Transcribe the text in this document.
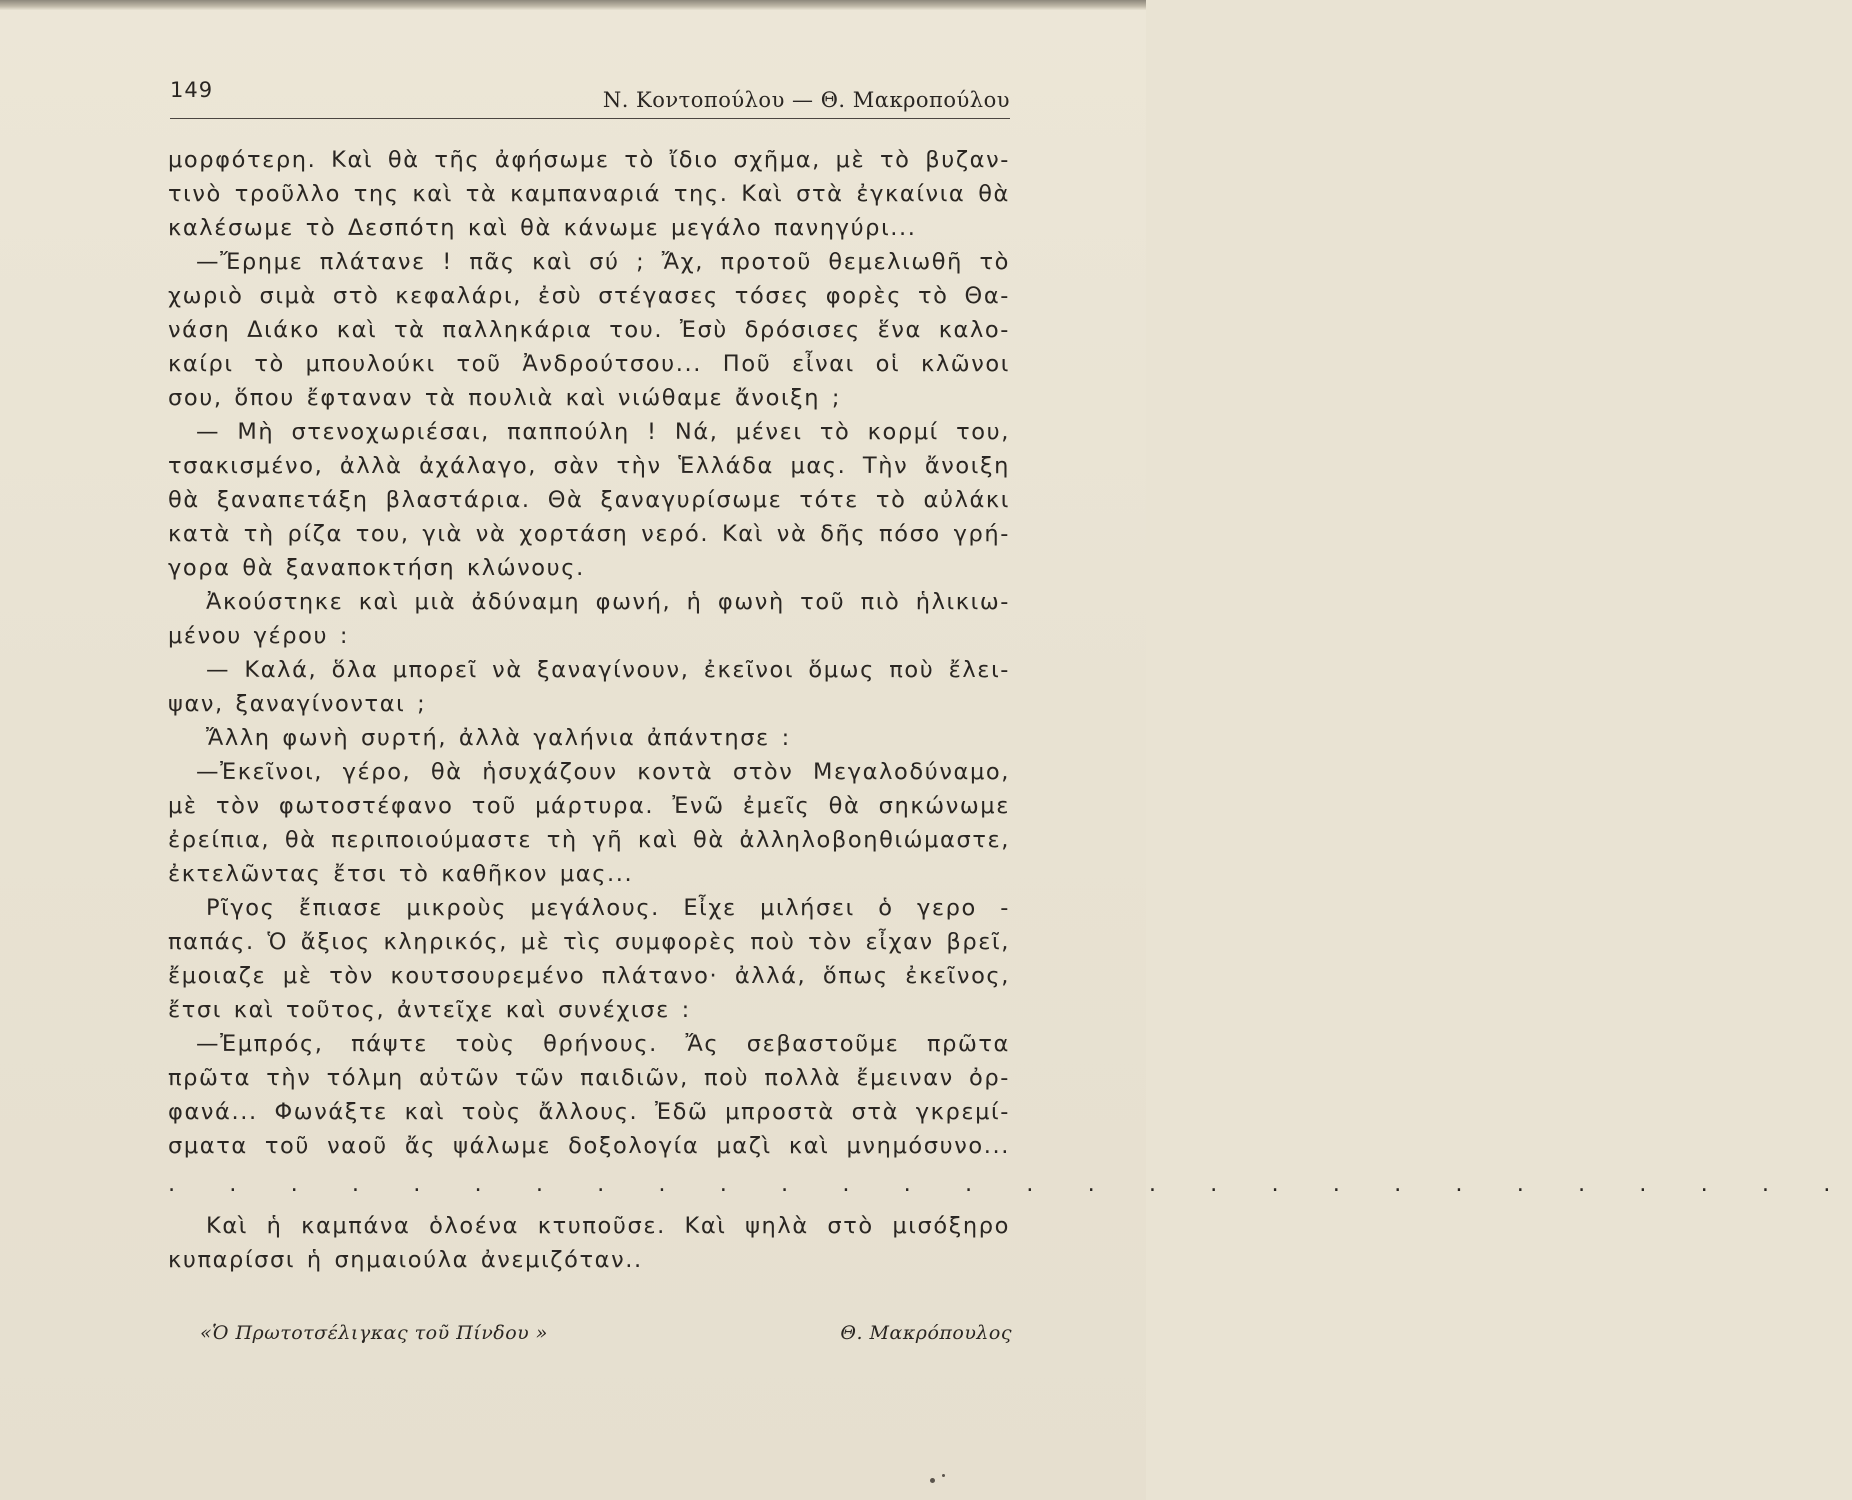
149	Ν. Κοντοπούλου — Θ. Μακροπούλου
μορφότερη. Καὶ θὰ τῆς ἀφήσωμε τὸ ἴδιο σχῆμα, μὲ τὸ βυζαν-
τινὸ τροῦλλο της καὶ τὰ καμπαναριά της. Καὶ στὰ ἐγκαίνια θὰ
καλέσωμε τὸ Δεσπότη καὶ θὰ κάνωμε μεγάλο πανηγύρι...
—Ἔρημε πλάτανε ! πᾶς καὶ σύ ; Ἄχ, προτοῦ θεμελιωθῆ τὸ
χωριὸ σιμὰ στὸ κεφαλάρι, ἐσὺ στέγασες τόσες φορὲς τὸ Θα-
νάση Διάκο καὶ τὰ παλληκάρια του. Ἐσὺ δρόσισες ἕνα καλο-
καίρι τὸ μπουλούκι τοῦ Ἀνδρούτσου... Ποῦ εἶναι οἱ κλῶνοι
σου, ὅπου ἔφταναν τὰ πουλιὰ καὶ νιώθαμε ἄνοιξη ;
— Μὴ στενοχωριέσαι, παππούλη ! Νά, μένει τὸ κορμί του,
τσακισμένο, ἀλλὰ ἀχάλαγο, σὰν τὴν Ἑλλάδα μας. Τὴν ἄνοιξη
θὰ ξαναπετάξη βλαστάρια. Θὰ ξαναγυρίσωμε τότε τὸ αὐλάκι
κατὰ τὴ ρίζα του, γιὰ νὰ χορτάση νερό. Καὶ νὰ δῆς πόσο γρή-
γορα θὰ ξαναποκτήση κλώνους.
Ἀκούστηκε καὶ μιὰ ἀδύναμη φωνή, ἡ φωνὴ τοῦ πιὸ ἡλικιω-
μένου γέρου :
— Καλά, ὅλα μπορεῖ νὰ ξαναγίνουν, ἐκεῖνοι ὅμως ποὺ ἔλει-
ψαν, ξαναγίνονται ;
Ἄλλη φωνὴ συρτή, ἀλλὰ γαλήνια ἀπάντησε :
—Ἐκεῖνοι, γέρο, θὰ ἡσυχάζουν κοντὰ στὸν Μεγαλοδύναμο,
μὲ τὸν φωτοστέφανο τοῦ μάρτυρα. Ἐνῶ ἐμεῖς θὰ σηκώνωμε
ἐρείπια, θὰ περιποιούμαστε τὴ γῆ καὶ θὰ ἀλληλοβοηθιώμαστε,
ἐκτελῶντας ἔτσι τὸ καθῆκον μας...
Ρῖγος ἔπιασε μικροὺς μεγάλους. Εἶχε μιλήσει ὁ γερο -
παπάς. Ὁ ἄξιος κληρικός, μὲ τὶς συμφορὲς ποὺ τὸν εἶχαν βρεῖ,
ἔμοιαζε μὲ τὸν κουτσουρεμένο πλάτανο· ἀλλά, ὅπως ἐκεῖνος,
ἔτσι καὶ τοῦτος, ἀντεῖχε καὶ συνέχισε :
—Ἐμπρός, πάψτε τοὺς θρήνους. Ἄς σεβαστοῦμε πρῶτα
πρῶτα τὴν τόλμη αὐτῶν τῶν παιδιῶν, ποὺ πολλὰ ἔμειναν ὀρ-
φανά... Φωνάξτε καὶ τοὺς ἄλλους. Ἐδῶ μπροστὰ στὰ γκρεμί-
σματα τοῦ ναοῦ ἄς ψάλωμε δοξολογία μαζὶ καὶ μνημόσυνο...
. . . . . . . . . . . . . . . . . . . . . . . . . . . .
Καὶ ἡ καμπάνα ὁλοένα κτυποῦσε. Καὶ ψηλὰ στὸ μισόξηρο
κυπαρίσσι ἡ σημαιούλα ἀνεμιζόταν..
«Ὁ Πρωτοτσέλιγκας τοῦ Πίνδου »	Θ. Μακρόπουλος
